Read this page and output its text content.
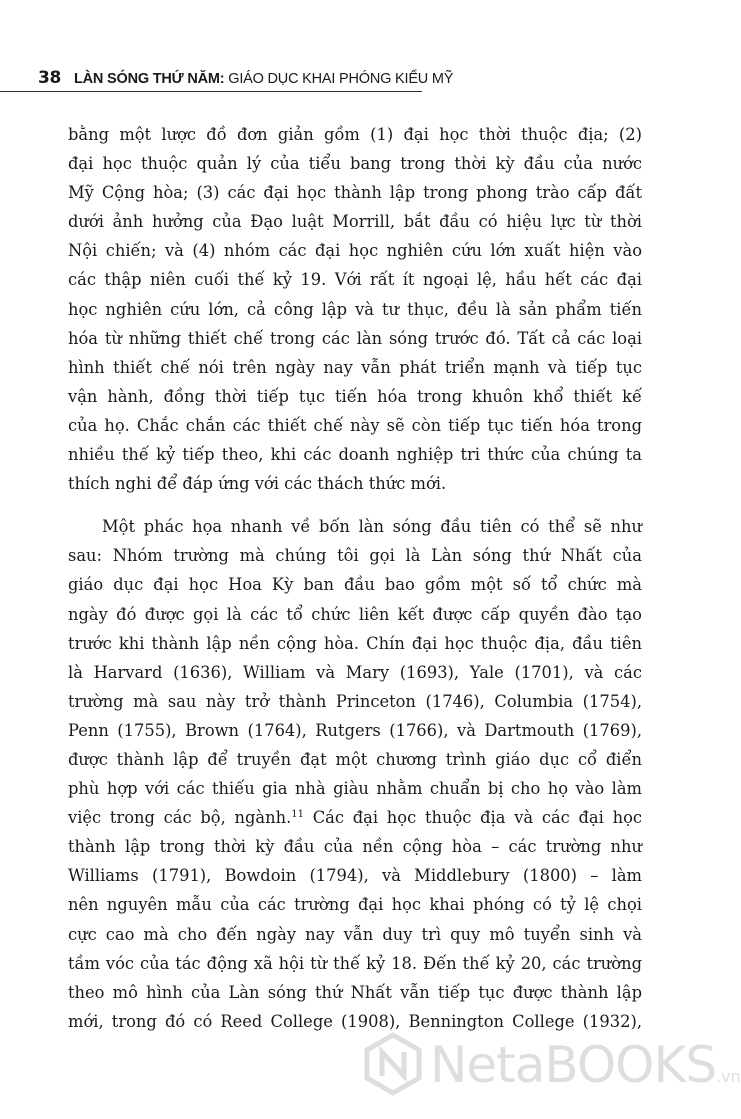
38 LÀN SÓNG THỨ NĂM: GIÁO DỤC KHAI PHÓNG KIỂU MỸ
bằng một lược đồ đơn giản gồm (1) đại học thời thuộc địa; (2)
đại học thuộc quản lý của tiểu bang trong thời kỳ đầu của nước
Mỹ Cộng hòa; (3) các đại học thành lập trong phong trào cấp đất
dưới ảnh hưởng của Đạo luật Morrill, bắt đầu có hiệu lực từ thời
Nội chiến; và (4) nhóm các đại học nghiên cứu lớn xuất hiện vào
các thập niên cuối thế kỷ 19. Với rất ít ngoại lệ, hầu hết các đại
học nghiên cứu lớn, cả công lập và tư thục, đều là sản phẩm tiến
hóa từ những thiết chế trong các làn sóng trước đó. Tất cả các loại
hình thiết chế nói trên ngày nay vẫn phát triển mạnh và tiếp tục
vận hành, đồng thời tiếp tục tiến hóa trong khuôn khổ thiết kế
của họ. Chắc chắn các thiết chế này sẽ còn tiếp tục tiến hóa trong
nhiều thế kỷ tiếp theo, khi các doanh nghiệp tri thức của chúng ta
thích nghi để đáp ứng với các thách thức mới.
Một phác họa nhanh về bốn làn sóng đầu tiên có thể sẽ như
sau: Nhóm trường mà chúng tôi gọi là Làn sóng thứ Nhất của
giáo dục đại học Hoa Kỳ ban đầu bao gồm một số tổ chức mà
ngày đó được gọi là các tổ chức liên kết được cấp quyền đào tạo
trước khi thành lập nền cộng hòa. Chín đại học thuộc địa, đầu tiên
là Harvard (1636), William và Mary (1693), Yale (1701), và các
trường mà sau này trở thành Princeton (1746), Columbia (1754),
Penn (1755), Brown (1764), Rutgers (1766), và Dartmouth (1769),
được thành lập để truyền đạt một chương trình giáo dục cổ điển
phù hợp với các thiếu gia nhà giàu nhằm chuẩn bị cho họ vào làm
việc trong các bộ, ngành.$^{11}$ Các đại học thuộc địa và các đại học
thành lập trong thời kỳ đầu của nền cộng hòa – các trường như
Williams (1791), Bowdoin (1794), và Middlebury (1800) – làm
nên nguyên mẫu của các trường đại học khai phóng có tỷ lệ chọi
cực cao mà cho đến ngày nay vẫn duy trì quy mô tuyển sinh và
tầm vóc của tác động xã hội từ thế kỷ 18. Đến thế kỷ 20, các trường
theo mô hình của Làn sóng thứ Nhất vẫn tiếp tục được thành lập
mới, trong đó có Reed College (1908), Bennington College (1932),
NetaBOOKS.vn
